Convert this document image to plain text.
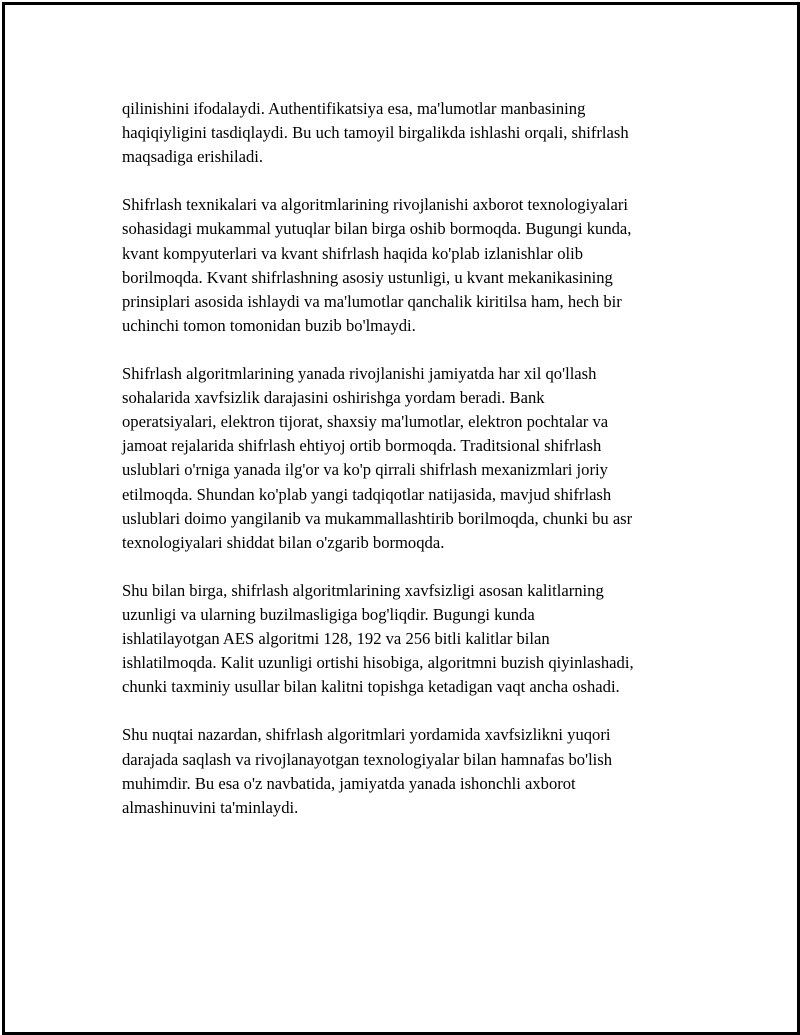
qilinishini ifodalaydi. Authentifikatsiya esa, ma'lumotlar manbasining
haqiqiyligini tasdiqlaydi. Bu uch tamoyil birgalikda ishlashi orqali, shifrlash
maqsadiga erishiladi.

Shifrlash texnikalari va algoritmlarining rivojlanishi axborot texnologiyalari
sohasidagi mukammal yutuqlar bilan birga oshib bormoqda. Bugungi kunda,
kvant kompyuterlari va kvant shifrlash haqida ko'plab izlanishlar olib
borilmoqda. Kvant shifrlashning asosiy ustunligi, u kvant mekanikasining
prinsiplari asosida ishlaydi va ma'lumotlar qanchalik kiritilsa ham, hech bir
uchinchi tomon tomonidan buzib bo'lmaydi.

Shifrlash algoritmlarining yanada rivojlanishi jamiyatda har xil qo'llash
sohalarida xavfsizlik darajasini oshirishga yordam beradi. Bank
operatsiyalari, elektron tijorat, shaxsiy ma'lumotlar, elektron pochtalar va
jamoat rejalarida shifrlash ehtiyoj ortib bormoqda. Traditsional shifrlash
uslublari o'rniga yanada ilg'or va ko'p qirrali shifrlash mexanizmlari joriy
etilmoqda. Shundan ko'plab yangi tadqiqotlar natijasida, mavjud shifrlash
uslublari doimo yangilanib va mukammallashtirib borilmoqda, chunki bu asr
texnologiyalari shiddat bilan o'zgarib bormoqda.

Shu bilan birga, shifrlash algoritmlarining xavfsizligi asosan kalitlarning
uzunligi va ularning buzilmasligiga bog'liqdir. Bugungi kunda
ishlatilayotgan AES algoritmi 128, 192 va 256 bitli kalitlar bilan
ishlatilmoqda. Kalit uzunligi ortishi hisobiga, algoritmni buzish qiyinlashadi,
chunki taxminiy usullar bilan kalitni topishga ketadigan vaqt ancha oshadi.

Shu nuqtai nazardan, shifrlash algoritmlari yordamida xavfsizlikni yuqori
darajada saqlash va rivojlanayotgan texnologiyalar bilan hamnafas bo'lish
muhimdir. Bu esa o'z navbatida, jamiyatda yanada ishonchli axborot
almashinuvini ta'minlaydi.
